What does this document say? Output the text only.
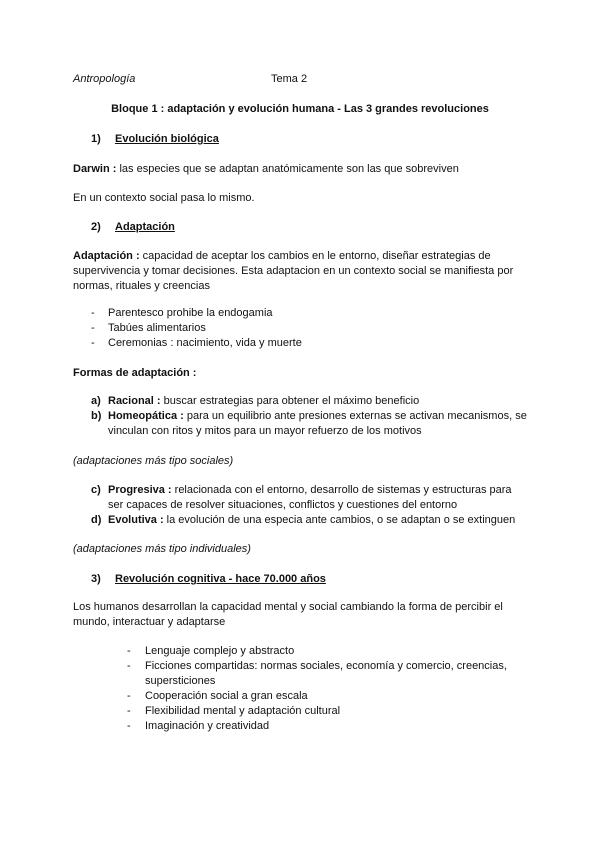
Antropología	Tema 2
Bloque 1 : adaptación y evolución humana - Las 3 grandes revoluciones
1) Evolución biológica
Darwin : las especies que se adaptan anatómicamente son las que sobreviven
En un contexto social pasa lo mismo.
2) Adaptación
Adaptación : capacidad de aceptar los cambios en le entorno, diseñar estrategias de supervivencia y tomar decisiones. Esta adaptacion en un contexto social se manifiesta por normas, rituales y creencias
- Parentesco prohibe la endogamia
- Tabúes alimentarios
- Ceremonias : nacimiento, vida y muerte
Formas de adaptación :
a) Racional : buscar estrategias para obtener el máximo beneficio
b) Homeopática : para un equilibrio ante presiones externas se activan mecanismos, se vinculan con ritos y mitos para un mayor refuerzo de los motivos
(adaptaciones más tipo sociales)
c) Progresiva : relacionada con el entorno, desarrollo de sistemas y estructuras para ser capaces de resolver situaciones, conflictos y cuestiones del entorno
d) Evolutiva : la evolución de una especia ante cambios, o se adaptan o se extinguen
(adaptaciones más tipo individuales)
3) Revolución cognitiva - hace 70.000 años
Los humanos desarrollan la capacidad mental y social cambiando la forma de percibir el mundo, interactuar y adaptarse
- Lenguaje complejo y abstracto
- Ficciones compartidas: normas sociales, economía y comercio, creencias, supersticiones
- Cooperación social a gran escala
- Flexibilidad mental y adaptación cultural
- Imaginación y creatividad
